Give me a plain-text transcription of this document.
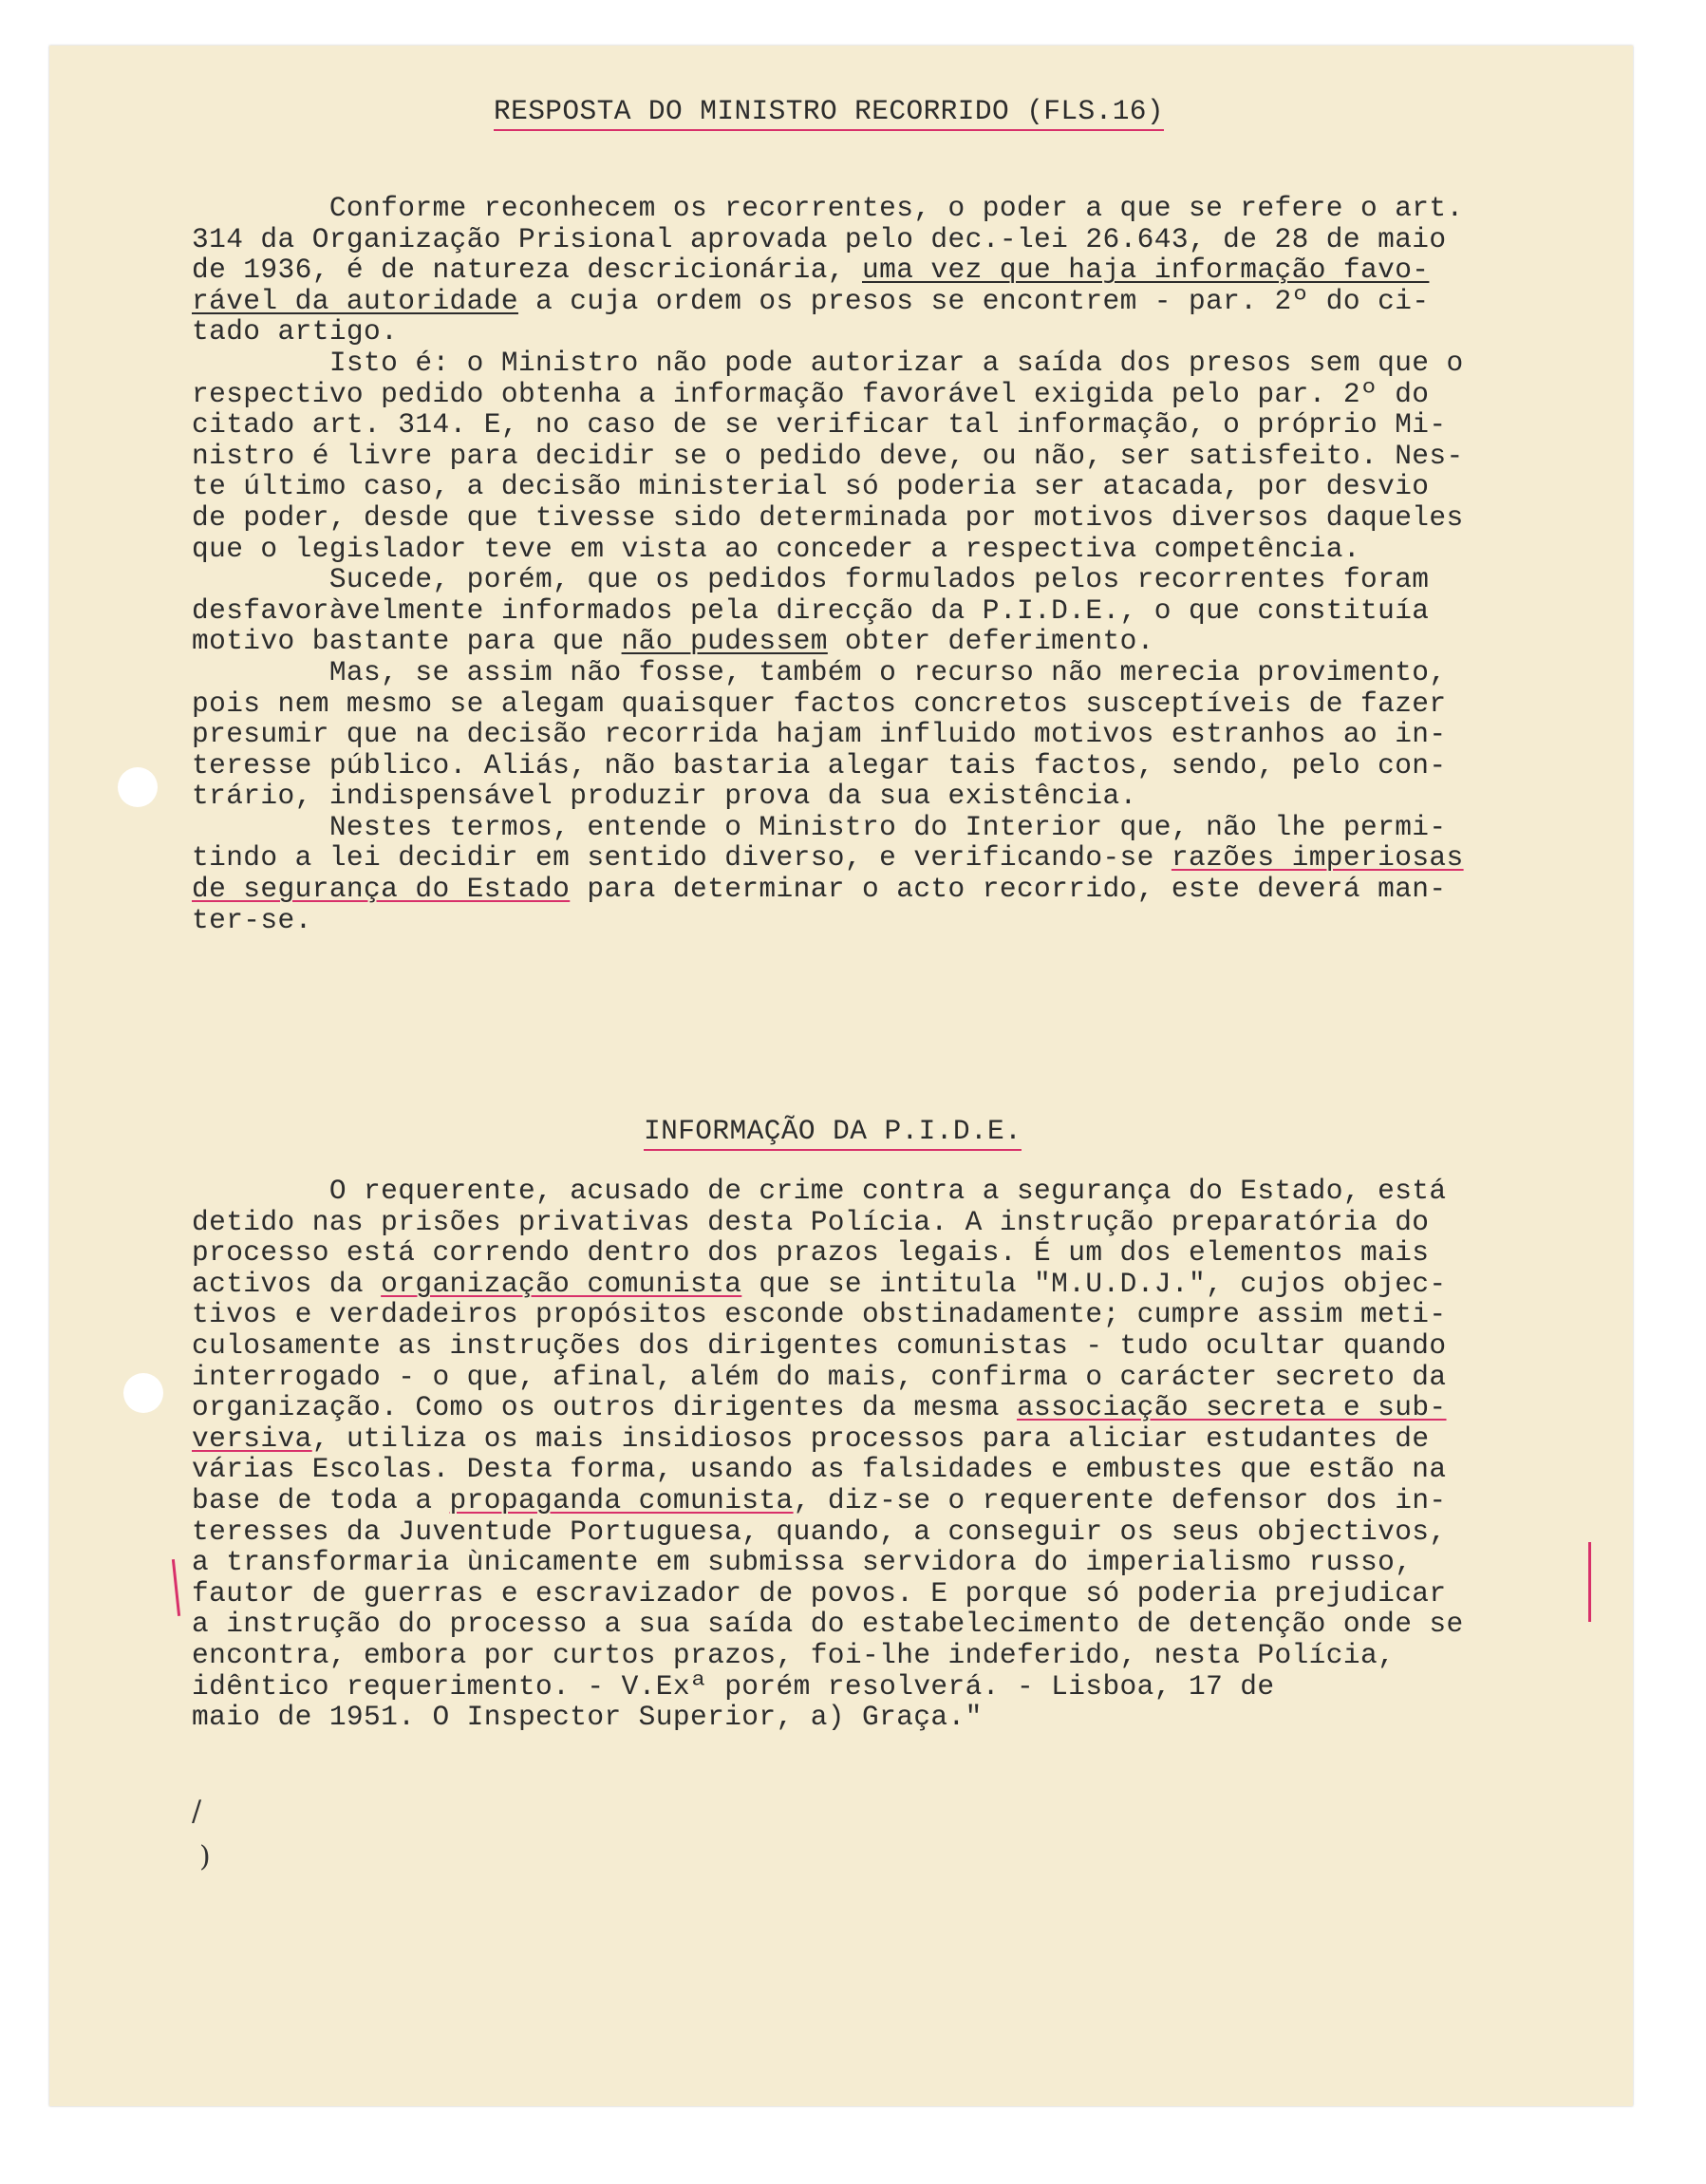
RESPOSTA DO MINISTRO RECORRIDO (FLS.16)
Conforme reconhecem os recorrentes, o poder a que se refere o art.
314 da Organização Prisional aprovada pelo dec.-lei 26.643, de 28 de maio
de 1936, é de natureza descricionária, uma vez que haja informação favo-
rável da autoridade a cuja ordem os presos se encontrem - par. 2º do ci-
tado artigo.
Isto é: o Ministro não pode autorizar a saída dos presos sem que o
respectivo pedido obtenha a informação favorável exigida pelo par. 2º do
citado art. 314. E, no caso de se verificar tal informação, o próprio Mi-
nistro é livre para decidir se o pedido deve, ou não, ser satisfeito. Nes-
te último caso, a decisão ministerial só poderia ser atacada, por desvio
de poder, desde que tivesse sido determinada por motivos diversos daqueles
que o legislador teve em vista ao conceder a respectiva competência.
Sucede, porém, que os pedidos formulados pelos recorrentes foram
desfavoràvelmente informados pela direcção da P.I.D.E., o que constituía
motivo bastante para que não pudessem obter deferimento.
Mas, se assim não fosse, também o recurso não merecia provimento,
pois nem mesmo se alegam quaisquer factos concretos susceptíveis de fazer
presumir que na decisão recorrida hajam influido motivos estranhos ao in-
teresse público. Aliás, não bastaria alegar tais factos, sendo, pelo con-
trário, indispensável produzir prova da sua existência.
Nestes termos, entende o Ministro do Interior que, não lhe permi-
tindo a lei decidir em sentido diverso, e verificando-se razões imperiosas
de segurança do Estado para determinar o acto recorrido, este deverá man-
ter-se.
INFORMAÇÃO DA P.I.D.E.
O requerente, acusado de crime contra a segurança do Estado, está
detido nas prisões privativas desta Polícia. A instrução preparatória do
processo está correndo dentro dos prazos legais. É um dos elementos mais
activos da organização comunista que se intitula "M.U.D.J.", cujos objec-
tivos e verdadeiros propósitos esconde obstinadamente; cumpre assim meti-
culosamente as instruções dos dirigentes comunistas - tudo ocultar quando
interrogado - o que, afinal, além do mais, confirma o carácter secreto da
organização. Como os outros dirigentes da mesma associação secreta e sub-
versiva, utiliza os mais insidiosos processos para aliciar estudantes de
várias Escolas. Desta forma, usando as falsidades e embustes que estão na
base de toda a propaganda comunista, diz-se o requerente defensor dos in-
teresses da Juventude Portuguesa, quando, a conseguir os seus objectivos,
a transformaria ùnicamente em submissa servidora do imperialismo russo,
fautor de guerras e escravizador de povos. E porque só poderia prejudicar
a instrução do processo a sua saída do estabelecimento de detenção onde se
encontra, embora por curtos prazos, foi-lhe indeferido, nesta Polícia,
idêntico requerimento. - V.Exª porém resolverá. - Lisboa, 17 de
maio de 1951. O Inspector Superior, a) Graça."
/
)
